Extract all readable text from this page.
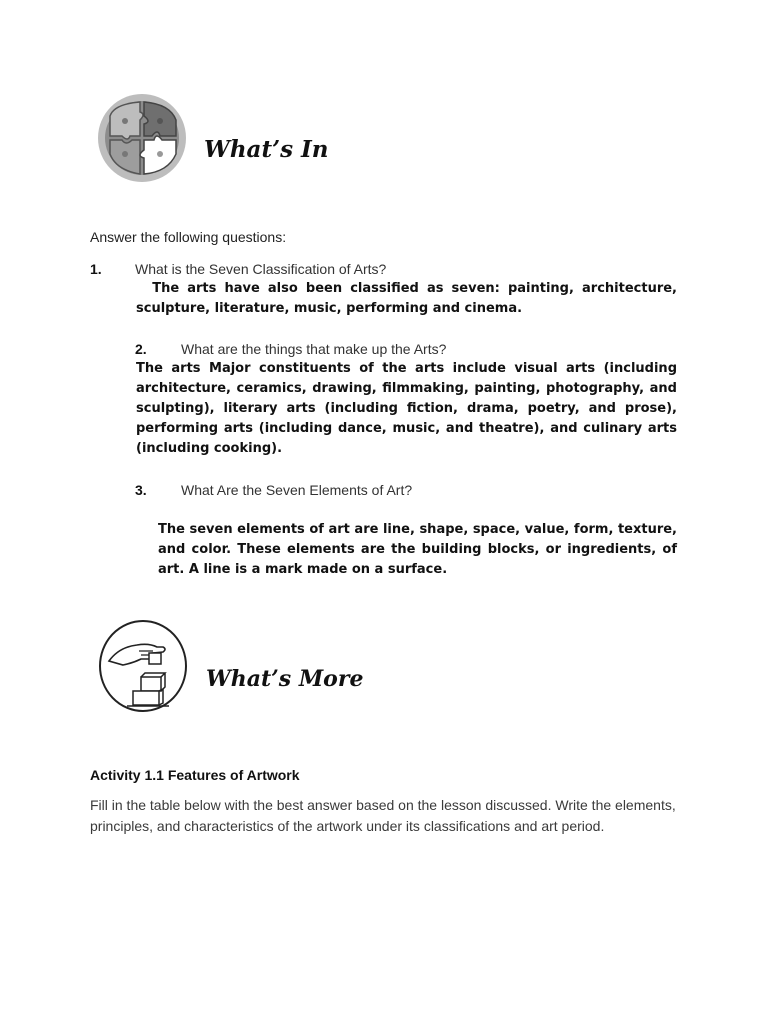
What’s In
Answer the following questions:
1. What is the Seven Classification of Arts?
The arts have also been classified as seven: painting, architecture,
sculpture, literature, music, performing and cinema.
2. What are the things that make up the Arts?
The arts Major constituents of the arts include visual arts (including architecture, ceramics, drawing, filmmaking, painting, photography, and sculpting), literary arts (including fiction, drama, poetry, and prose), performing arts (including dance, music, and theatre), and culinary arts (including cooking).
3. What Are the Seven Elements of Art?
The seven elements of art are line, shape, space, value, form, texture, and color. These elements are the building blocks, or ingredients, of art. A line is a mark made on a surface.
What’s More
Activity 1.1 Features of Artwork
Fill in the table below with the best answer based on the lesson discussed. Write the elements, principles, and characteristics of the artwork under its classifications and art period.
